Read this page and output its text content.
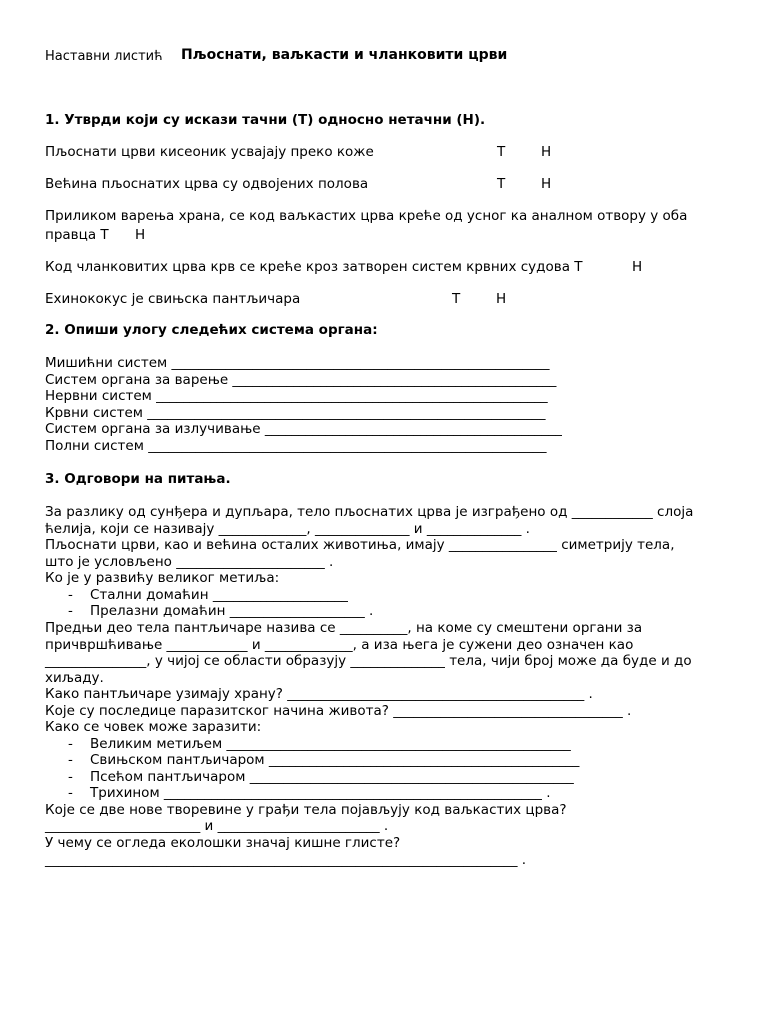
Наставни листић Пљоснати, ваљкасти и чланковити црви
1. Утврди који су искази тачни (Т) односно нетачни (Н).
Пљоснати црви кисеоник усвајају преко коже	Т	Н
Већина пљоснатих црва су одвојених полова	Т	Н
Приликом варења храна, се код ваљкастих црва креће од усног ка аналном отвору у оба
правца Т Н
Код чланковитих црва крв се креће кроз затворен систем крвних судова Т	Н
Ехинококус је свињска пантљичара	Т	Н
2. Опиши улогу следећих система органа:
Мишићни систем ________________________________________________________
Систем органа за варење ________________________________________________
Нервни систем __________________________________________________________
Крвни систем ___________________________________________________________
Систем органа за излучивање ____________________________________________
Полни систем ___________________________________________________________
3. Одговори на питања.
За разлику од сунђера и дупљара, тело пљоснатих црва је изграђено од ____________ слоја
ћелија, који се називају _____________, ______________ и ______________ .
Пљоснати црви, као и већина осталих животиња, имају ________________ симетрију тела,
што је условљено ______________________ .
Ко је у развићу великог метиља:
- Стални домаћин ____________________
- Прелазни домаћин ____________________ .
Предњи део тела пантљичаре назива се __________, на коме су смештени органи за
причвршћивање ____________ и _____________, а иза њега је сужени део означен као
_______________, у чијој се области образују ______________ тела, чији број може да буде и до
хиљаду.
Како пантљичаре узимају храну? ____________________________________________ .
Које су последице паразитског начина живота? __________________________________ .
Како се човек може заразити:
- Великим метиљем ___________________________________________________
- Свињском пантљичаром ______________________________________________
- Псећом пантљичаром ________________________________________________
- Трихином ________________________________________________________ .
Које се две нове творевине у грађи тела појављују код ваљкастих црва?
_______________________ и ________________________ .
У чему се огледа еколошки значај кишне глисте?
______________________________________________________________________ .
